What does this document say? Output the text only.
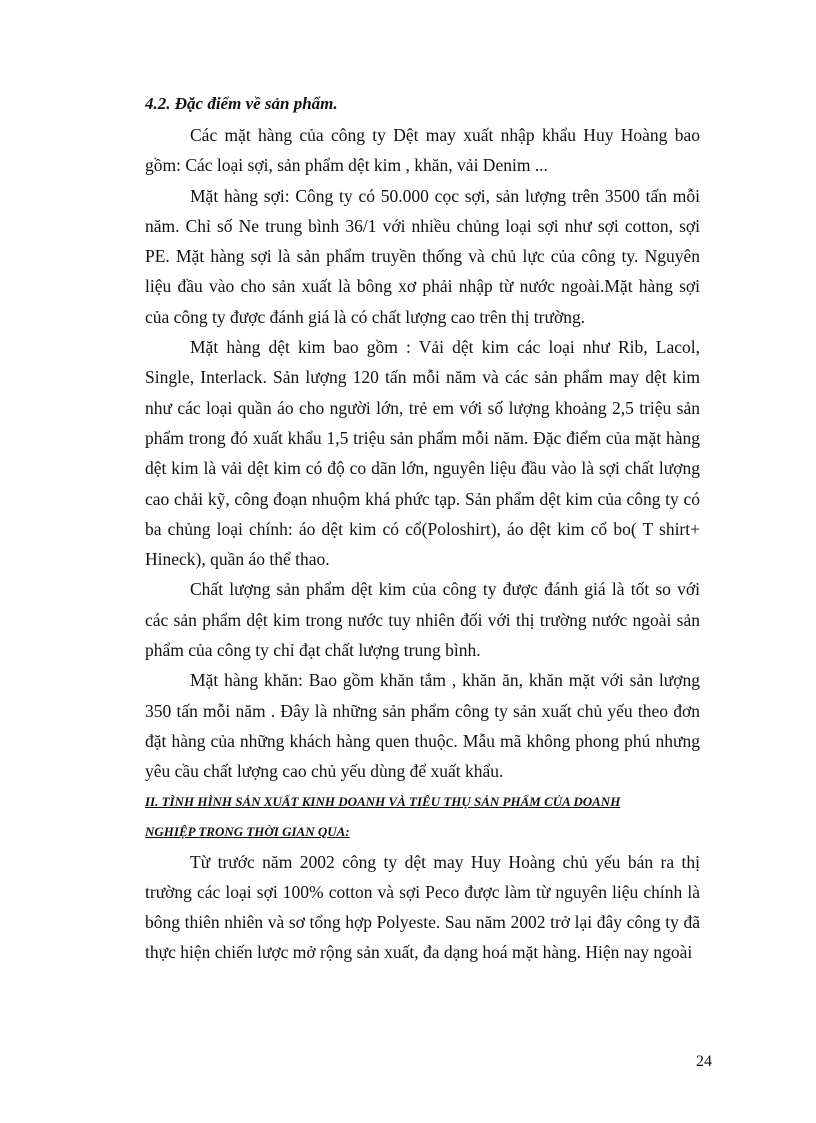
4.2. Đặc điểm về sản phẩm.

Các mặt hàng của công ty Dệt may xuất nhập khẩu Huy Hoàng bao gồm: Các loại sợi, sản phẩm dệt kim , khăn, vải Denim ...

Mặt hàng sợi: Công ty có 50.000 cọc sợi, sản lượng trên 3500 tấn mỗi năm. Chỉ số Ne trung bình 36/1 với nhiều chủng loại sợi như sợi cotton, sợi PE. Mặt hàng sợi là sản phẩm truyền thống và chủ lực của công ty. Nguyên liệu đầu vào cho sản xuất là bông xơ phải nhập từ nước ngoài.Mặt hàng sợi của công ty được đánh giá là có chất lượng cao trên thị trường.

Mặt hàng dệt kim bao gồm : Vải dệt kim các loại như Rib, Lacol, Single, Interlack. Sản lượng 120 tấn mỗi năm và các sản phẩm may dệt kim như các loại quần áo cho người lớn, trẻ em với số lượng khoảng 2,5 triệu sản phẩm trong đó xuất khẩu 1,5 triệu sản phẩm mỗi năm. Đặc điểm của mặt hàng dệt kim là vải dệt kim có độ co dãn lớn, nguyên liệu đầu vào là sợi chất lượng cao chải kỹ, công đoạn nhuộm khá phức tạp. Sản phẩm dệt kim của công ty có ba chủng loại chính: áo dệt kim có cổ(Poloshirt), áo dệt kim cổ bo( T shirt+ Hineck), quần áo thể thao.

Chất lượng sản phẩm dệt kim của công ty được đánh giá là tốt so với các sản phẩm dệt kim trong nước tuy nhiên đối với thị trường nước ngoài sản phẩm của công ty chỉ đạt chất lượng trung bình.

Mặt hàng khăn: Bao gồm khăn tắm , khăn ăn, khăn mặt với sản lượng 350 tấn mỗi năm . Đây là những sản phẩm công ty sản xuất chủ yếu theo đơn đặt hàng của những khách hàng quen thuộc. Mẫu mã không phong phú nhưng yêu cầu chất lượng cao chủ yếu dùng để xuất khẩu.

II. TÌNH HÌNH SẢN XUẤT KINH DOANH VÀ TIÊU THỤ SẢN PHẨM CỦA DOANH
NGHIỆP TRONG THỜI GIAN QUA:

Từ trước năm 2002 công ty dệt may Huy Hoàng chủ yếu bán ra thị trường các loại sợi 100% cotton và sợi Peco được làm từ nguyên liệu chính là bông thiên nhiên và sơ tổng hợp Polyeste. Sau năm 2002 trở lại đây công ty đã thực hiện chiến lược mở rộng sản xuất, đa dạng hoá mặt hàng. Hiện nay ngoài

24
